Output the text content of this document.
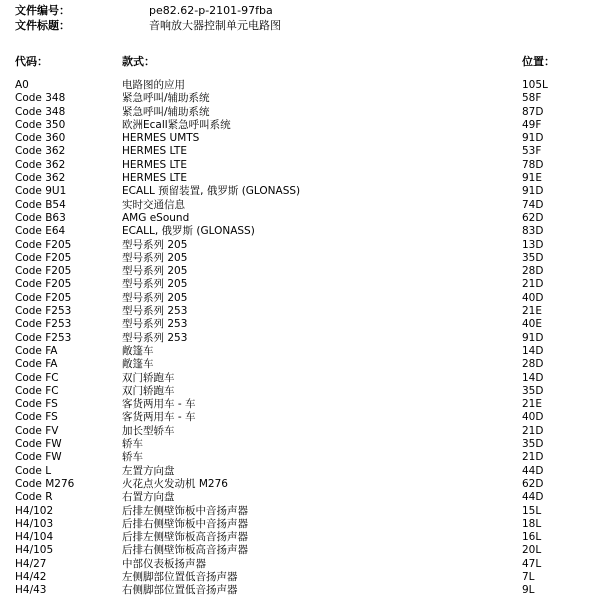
文件编号：	pe82.62-p-2101-97fba
文件标题：	音响放大器控制单元电路图
代码：	款式：	位置：
A0	电路图的应用	105L
Code 348	紧急呼叫/辅助系统	58F
Code 348	紧急呼叫/辅助系统	87D
Code 350	欧洲Ecall紧急呼叫系统	49F
Code 360	HERMES UMTS	91D
Code 362	HERMES LTE	53F
Code 362	HERMES LTE	78D
Code 362	HERMES LTE	91E
Code 9U1	ECALL 预留装置, 俄罗斯 (GLONASS)	91D
Code B54	实时交通信息	74D
Code B63	AMG eSound	62D
Code E64	ECALL, 俄罗斯 (GLONASS)	83D
Code F205	型号系列 205	13D
Code F205	型号系列 205	35D
Code F205	型号系列 205	28D
Code F205	型号系列 205	21D
Code F205	型号系列 205	40D
Code F253	型号系列 253	21E
Code F253	型号系列 253	40E
Code F253	型号系列 253	91D
Code FA	敞篷车	14D
Code FA	敞篷车	28D
Code FC	双门轿跑车	14D
Code FC	双门轿跑车	35D
Code FS	客货两用车 - 车	21E
Code FS	客货两用车 - 车	40D
Code FV	加长型轿车	21D
Code FW	轿车	35D
Code FW	轿车	21D
Code L	左置方向盘	44D
Code M276	火花点火发动机 M276	62D
Code R	右置方向盘	44D
H4/102	后排左侧壁饰板中音扬声器	15L
H4/103	后排右侧壁饰板中音扬声器	18L
H4/104	后排左侧壁饰板高音扬声器	16L
H4/105	后排右侧壁饰板高音扬声器	20L
H4/27	中部仪表板扬声器	47L
H4/42	左侧脚部位置低音扬声器	7L
H4/43	右侧脚部位置低音扬声器	9L
